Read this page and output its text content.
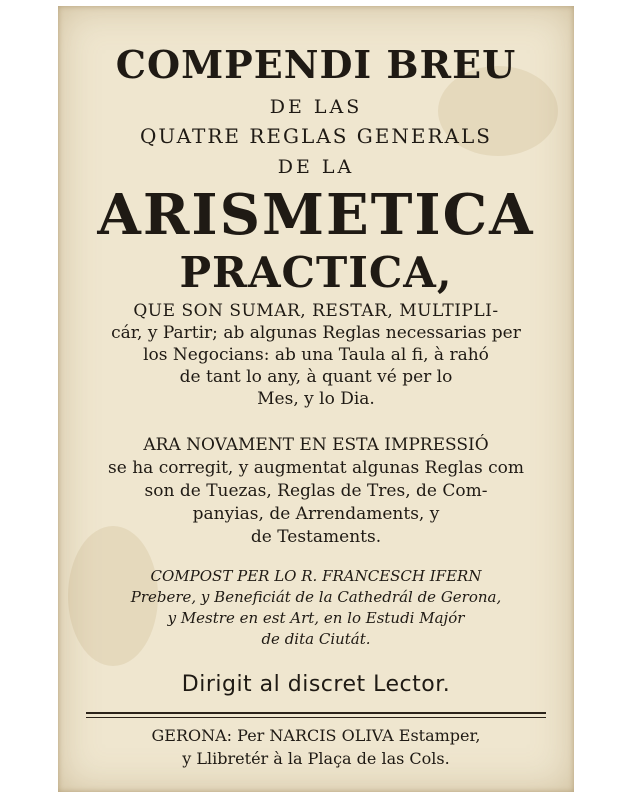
COMPENDI BREU
DE LAS
QUATRE REGLAS GENERALS
DE LA
ARISMETICA
PRACTICA,
QUE SON SUMAR, RESTAR, MULTIPLI-
cár, y Partir; ab algunas Reglas necessarias per
los Negocians: ab una Taula al fi, à rahó
de tant lo any, à quant vé per lo
Mes, y lo Dia.
ARA NOVAMENT EN ESTA IMPRESSIÓ
se ha corregit, y augmentat algunas Reglas com
son de Tuezas, Reglas de Tres, de Com-
panyias, de Arrendaments, y
de Testaments.
COMPOST PER LO R. FRANCESCH IFERN
Prebere, y Beneficiát de la Cathedrál de Gerona,
y Mestre en est Art, en lo Estudi Majór
de dita Ciutát.
Dirigit al discret Lector.
GERONA: Per NARCIS OLIVA Estamper,
y Llibretér à la Plaça de las Cols.
